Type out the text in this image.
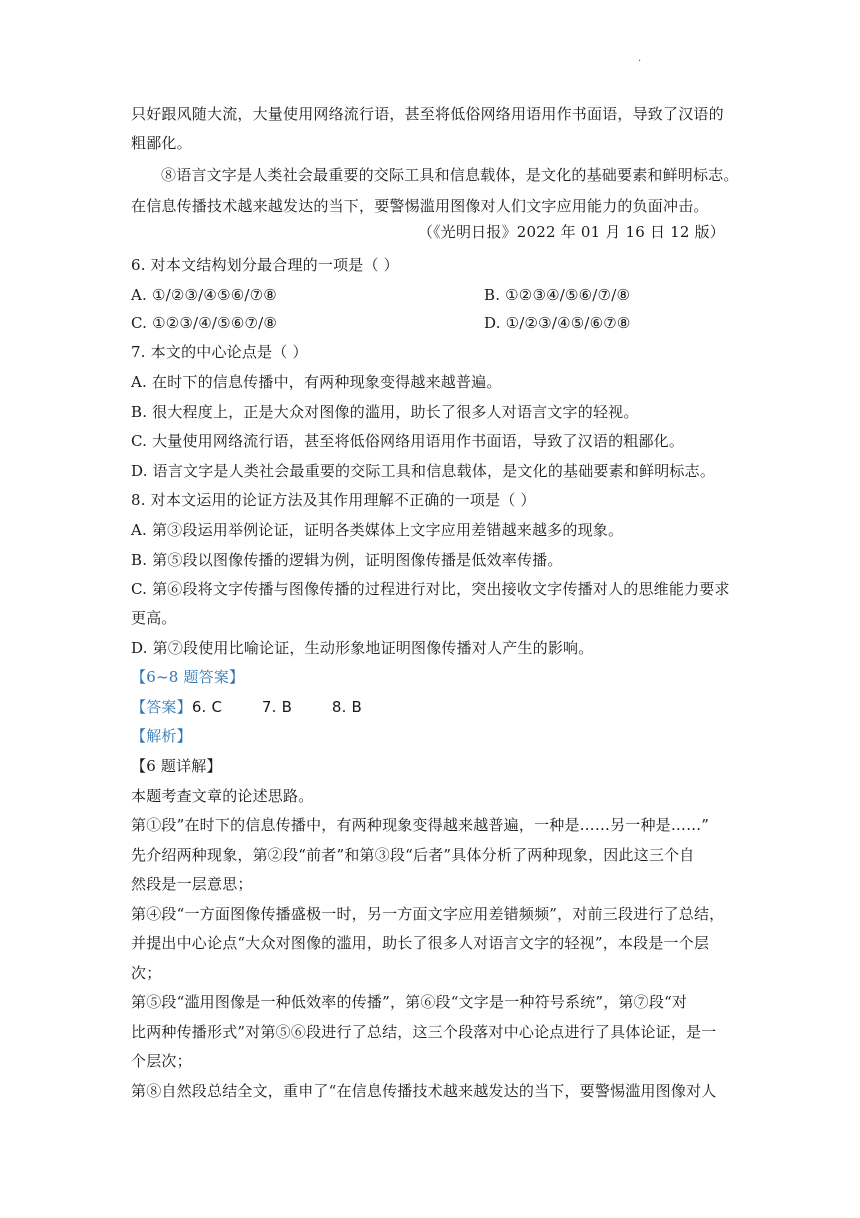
·
只好跟风随大流，大量使用网络流行语，甚至将低俗网络用语用作书面语，导致了汉语的
粗鄙化。
⑧语言文字是人类社会最重要的交际工具和信息载体，是文化的基础要素和鲜明标志。
在信息传播技术越来越发达的当下，要警惕滥用图像对人们文字应用能力的负面冲击。
（《光明日报》2022 年 01 月 16 日 12 版）
6. 对本文结构划分最合理的一项是（ ）
A. ①/②③/④⑤⑥/⑦⑧	B. ①②③④/⑤⑥/⑦/⑧
C. ①②③/④/⑤⑥⑦/⑧	D. ①/②③/④⑤/⑥⑦⑧
7. 本文的中心论点是（ ）
A. 在时下的信息传播中，有两种现象变得越来越普遍。
B. 很大程度上，正是大众对图像的滥用，助长了很多人对语言文字的轻视。
C. 大量使用网络流行语，甚至将低俗网络用语用作书面语，导致了汉语的粗鄙化。
D. 语言文字是人类社会最重要的交际工具和信息载体，是文化的基础要素和鲜明标志。
8. 对本文运用的论证方法及其作用理解不正确的一项是（ ）
A. 第③段运用举例论证，证明各类媒体上文字应用差错越来越多的现象。
B. 第⑤段以图像传播的逻辑为例，证明图像传播是低效率传播。
C. 第⑥段将文字传播与图像传播的过程进行对比，突出接收文字传播对人的思维能力要求
更高。
D. 第⑦段使用比喻论证，生动形象地证明图像传播对人产生的影响。
【6~8 题答案】
【答案】6. C        7. B        8. B
【解析】
【6 题详解】
本题考查文章的论述思路。
第①段”在时下的信息传播中，有两种现象变得越来越普遍，一种是……另一种是……”
先介绍两种现象，第②段“前者”和第③段“后者”具体分析了两种现象，因此这三个自
然段是一层意思；
第④段“一方面图像传播盛极一时，另一方面文字应用差错频频”，对前三段进行了总结，
并提出中心论点“大众对图像的滥用，助长了很多人对语言文字的轻视”，本段是一个层
次；
第⑤段“滥用图像是一种低效率的传播”，第⑥段“文字是一种符号系统”，第⑦段“对
比两种传播形式”对第⑤⑥段进行了总结，这三个段落对中心论点进行了具体论证，是一
个层次；
第⑧自然段总结全文，重申了“在信息传播技术越来越发达的当下，要警惕滥用图像对人
